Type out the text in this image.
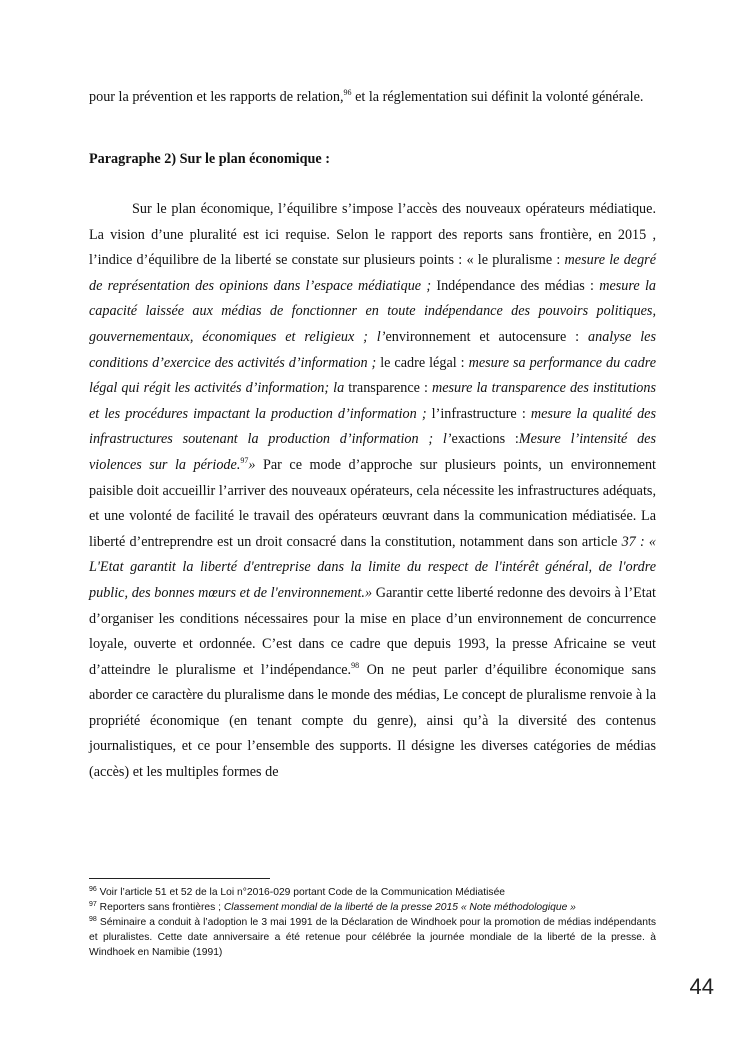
pour la prévention et les rapports de relation,$^{96}$ et la réglementation sui définit la volonté générale.

Paragraphe 2) Sur le plan économique :

Sur le plan économique, l’équilibre s’impose l’accès des nouveaux opérateurs médiatique. La vision d’une pluralité est ici requise. Selon le rapport des reports sans frontière, en 2015 , l’indice d’équilibre de la liberté se constate sur plusieurs points : « le pluralisme : mesure le degré de représentation des opinions dans l’espace médiatique ; Indépendance des médias : mesure la capacité laissée aux médias de fonctionner en toute indépendance des pouvoirs politiques, gouvernementaux, économiques et religieux ; l’environnement et autocensure : analyse les conditions d’exercice des activités d’information ; le cadre légal : mesure sa performance du cadre légal qui régit les activités d’information; la transparence : mesure la transparence des institutions et les procédures impactant la production d’information ; l’infrastructure : mesure la qualité des infrastructures soutenant la production d’information ; l’exactions :Mesure l’intensité des violences sur la période.$^{97}$» Par ce mode d’approche sur plusieurs points, un environnement paisible doit accueillir l’arriver des nouveaux opérateurs, cela nécessite les infrastructures adéquats, et une volonté de facilité le travail des opérateurs œuvrant dans la communication médiatisée. La liberté d’entreprendre est un droit consacré dans la constitution, notamment dans son article 37 : « L'Etat garantit la liberté d'entreprise dans la limite du respect de l'intérêt général, de l'ordre public, des bonnes mœurs et de l'environnement.» Garantir cette liberté redonne des devoirs à l’Etat d’organiser les conditions nécessaires pour la mise en place d’un environnement de concurrence loyale, ouverte et ordonnée. C’est dans ce cadre que depuis 1993, la presse Africaine se veut d’atteindre le pluralisme et l’indépendance.$^{98}$ On ne peut parler d’équilibre économique sans aborder ce caractère du pluralisme dans le monde des médias, Le concept de pluralisme renvoie à la propriété économique (en tenant compte du genre), ainsi qu’à la diversité des contenus journalistiques, et ce pour l’ensemble des supports. Il désigne les diverses catégories de médias (accès) et les multiples formes de

$^{96}$ Voir l’article 51 et 52 de la Loi n°2016-029 portant Code de la Communication Médiatisée

$^{97}$ Reporters sans frontières ; Classement mondial de la liberté de la presse 2015 « Note méthodologique »

$^{98}$ Séminaire a conduit à l’adoption le 3 mai 1991 de la Déclaration de Windhoek pour la promotion de médias indépendants et pluralistes. Cette date anniversaire a été retenue pour célébrée la journée mondiale de la liberté de la presse. à Windhoek en Namibie (1991)

44
